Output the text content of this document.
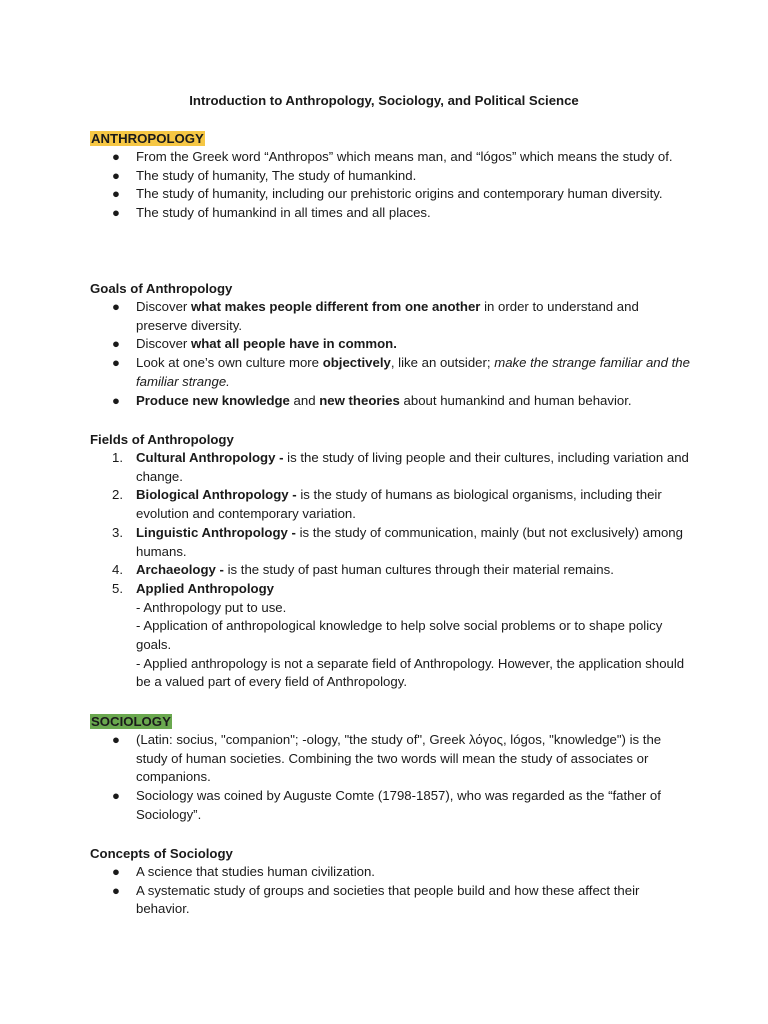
Introduction to Anthropology, Sociology, and Political Science
ANTHROPOLOGY
●	From the Greek word “Anthropos” which means man, and “lógos” which means the study of.
●	The study of humanity, The study of humankind.
●	The study of humanity, including our prehistoric origins and contemporary human diversity.
●	The study of humankind in all times and all places.
Goals of Anthropology
●	Discover what makes people different from one another in order to understand and preserve diversity.
●	Discover what all people have in common.
●	Look at one’s own culture more objectively, like an outsider; make the strange familiar and the familiar strange.
●	Produce new knowledge and new theories about humankind and human behavior.
Fields of Anthropology
1. Cultural Anthropology - is the study of living people and their cultures, including variation and change.
2. Biological Anthropology - is the study of humans as biological organisms, including their evolution and contemporary variation.
3. Linguistic Anthropology - is the study of communication, mainly (but not exclusively) among humans.
4. Archaeology - is the study of past human cultures through their material remains.
5. Applied Anthropology
- Anthropology put to use.
- Application of anthropological knowledge to help solve social problems or to shape policy goals.
- Applied anthropology is not a separate field of Anthropology. However, the application should be a valued part of every field of Anthropology.
SOCIOLOGY
●	(Latin: socius, "companion"; -ology, "the study of", Greek λόγος, lógos, "knowledge") is the study of human societies. Combining the two words will mean the study of associates or companions.
●	Sociology was coined by Auguste Comte (1798-1857), who was regarded as the “father of Sociology”.
Concepts of Sociology
●	A science that studies human civilization.
●	A systematic study of groups and societies that people build and how these affect their behavior.
